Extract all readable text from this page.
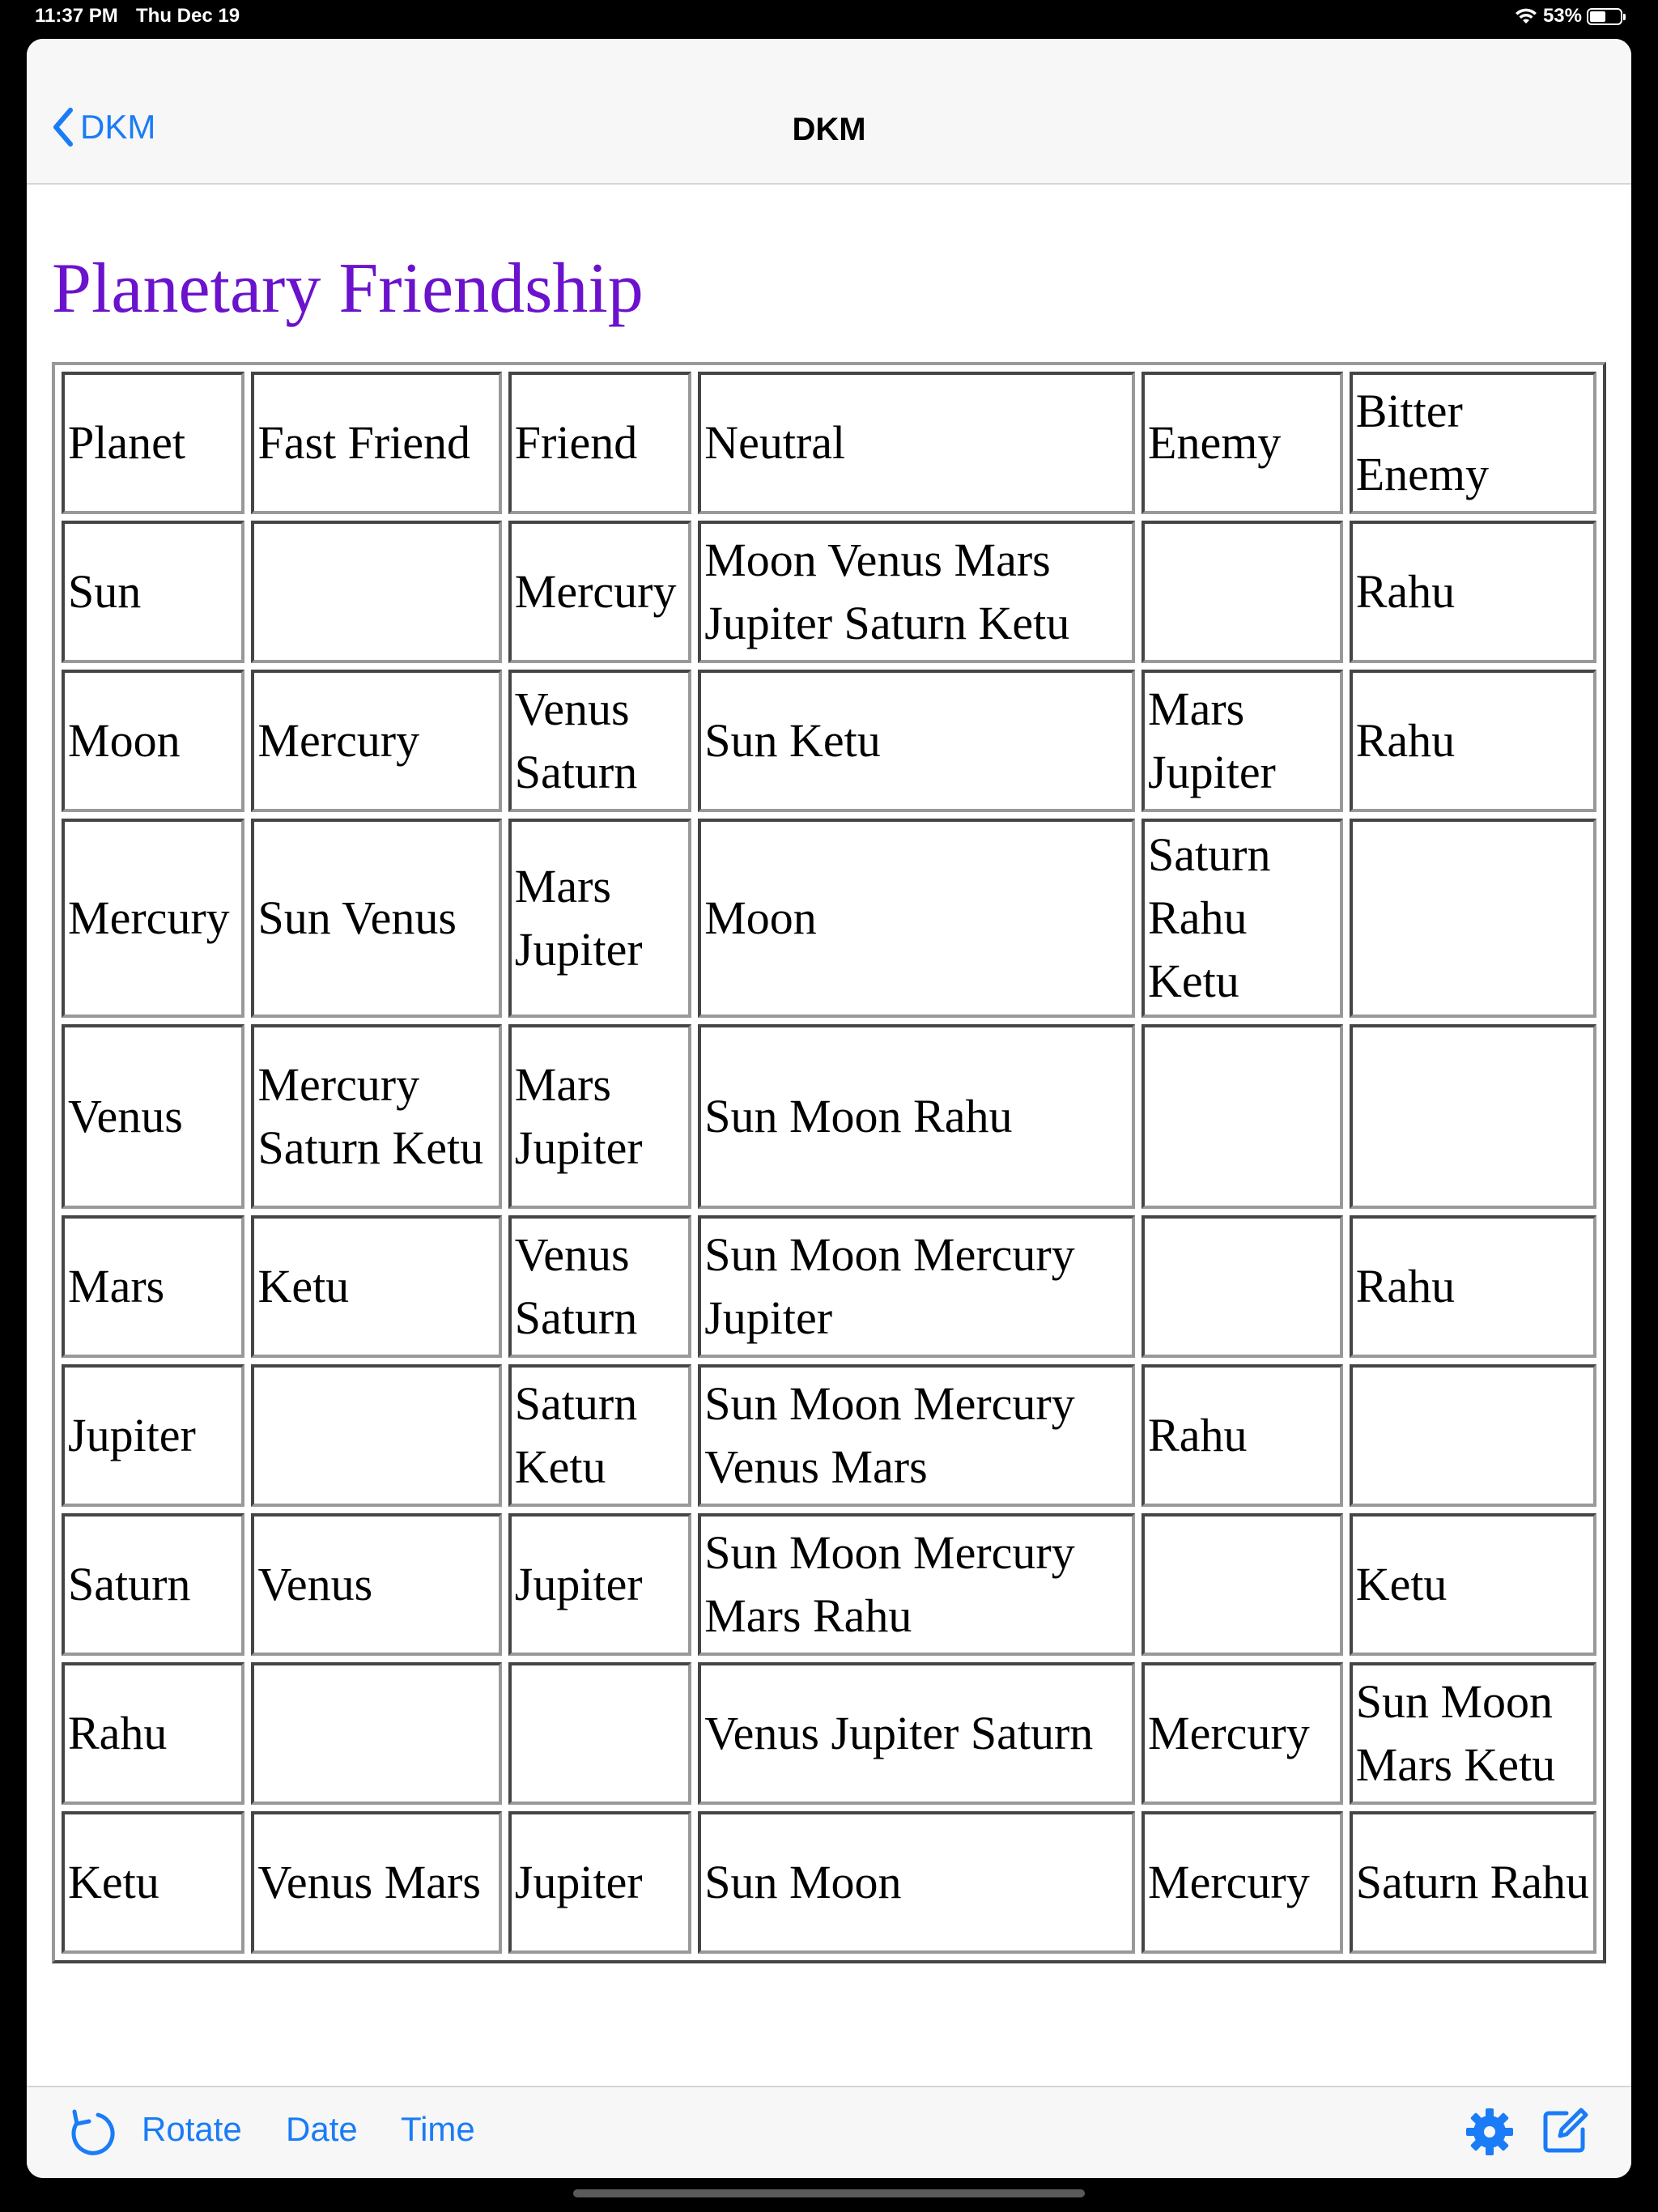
11:37 PM Thu Dec 19	53%
DKM	DKM
Planetary Friendship
Planet	Fast Friend	Friend	Neutral	Enemy	Bitter Enemy
Sun		Mercury	Moon Venus Mars Jupiter Saturn Ketu		Rahu
Moon	Mercury	Venus Saturn	Sun Ketu	Mars Jupiter	Rahu
Mercury	Sun Venus	Mars Jupiter	Moon	Saturn Rahu Ketu	
Venus	Mercury Saturn Ketu	Mars Jupiter	Sun Moon Rahu		
Mars	Ketu	Venus Saturn	Sun Moon Mercury Jupiter		Rahu
Jupiter		Saturn Ketu	Sun Moon Mercury Venus Mars	Rahu	
Saturn	Venus	Jupiter	Sun Moon Mercury Mars Rahu		Ketu
Rahu			Venus Jupiter Saturn	Mercury	Sun Moon Mars Ketu
Ketu	Venus Mars	Jupiter	Sun Moon	Mercury	Saturn Rahu
Rotate Date Time
